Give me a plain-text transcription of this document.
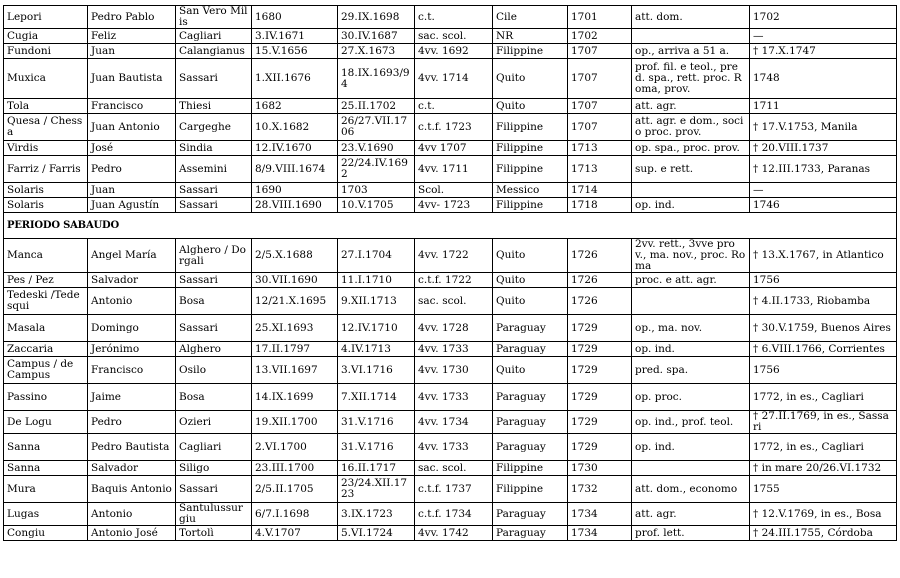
Lepori	Pedro Pablo	San Vero Milis	1680	29.IX.1698	c.t.	Cile	1701	att. dom.	1702
Cugia	Feliz	Cagliari	3.IV.1671	30.IV.1687	sac. scol.	NR	1702		—
Fundoni	Juan	Calangianus	15.V.1656	27.X.1673	4vv. 1692	Filippine	1707	op., arriva a 51 a.	† 17.X.1747
Muxica	Juan Bautista	Sassari	1.XII.1676	18.IX.1693/94	4vv. 1714	Quito	1707	prof. fil. e teol., pred. spa., rett. proc. Roma, prov.	1748
Tola	Francisco	Thiesi	1682	25.II.1702	c.t.	Quito	1707	att. agr.	1711
Quesa / Chessa	Juan Antonio	Cargeghe	10.X.1682	26/27.VII.1706	c.t.f. 1723	Filippine	1707	att. agr. e dom., socio proc. prov.	† 17.V.1753, Manila
Virdis	José	Sindia	12.IV.1670	23.V.1690	4vv 1707	Filippine	1713	op. spa., proc. prov.	† 20.VIII.1737
Farriz / Farris	Pedro	Assemini	8/9.VIII.1674	22/24.IV.1692	4vv. 1711	Filippine	1713	sup. e rett.	† 12.III.1733, Paranas
Solaris	Juan	Sassari	1690	1703	Scol.	Messico	1714		—
Solaris	Juan Agustín	Sassari	28.VIII.1690	10.V.1705	4vv- 1723	Filippine	1718	op. ind.	1746
PERIODO SABAUDO									
Manca	Angel María	Alghero / Dorgali	2/5.X.1688	27.I.1704	4vv. 1722	Quito	1726	2vv. rett., 3vve prov., ma. nov., proc. Roma	† 13.X.1767, in Atlantico
Pes / Pez	Salvador	Sassari	30.VII.1690	11.I.1710	c.t.f. 1722	Quito	1726	proc. e att. agr.	1756
Tedeski /Tedesqui	Antonio	Bosa	12/21.X.1695	9.XII.1713	sac. scol.	Quito	1726		† 4.II.1733, Riobamba
Masala	Domingo	Sassari	25.XI.1693	12.IV.1710	4vv. 1728	Paraguay	1729	op., ma. nov.	† 30.V.1759, Buenos Aires
Zaccaria	Jerónimo	Alghero	17.II.1797	4.IV.1713	4vv. 1733	Paraguay	1729	op. ind.	† 6.VIII.1766, Corrientes
Campus / de Campus	Francisco	Osilo	13.VII.1697	3.VI.1716	4vv. 1730	Quito	1729	pred. spa.	1756
Passino	Jaime	Bosa	14.IX.1699	7.XII.1714	4vv. 1733	Paraguay	1729	op. proc.	1772, in es., Cagliari
De Logu	Pedro	Ozieri	19.XII.1700	31.V.1716	4vv. 1734	Paraguay	1729	op. ind., prof. teol.	† 27.II.1769, in es., Sassari
Sanna	Pedro Bautista	Cagliari	2.VI.1700	31.V.1716	4vv. 1733	Paraguay	1729	op. ind.	1772, in es., Cagliari
Sanna	Salvador	Siligo	23.III.1700	16.II.1717	sac. scol.	Filippine	1730		† in mare 20/26.VI.1732
Mura	Baquis Antonio	Sassari	2/5.II.1705	23/24.XII.1723	c.t.f. 1737	Filippine	1732	att. dom., economo	1755
Lugas	Antonio	Santulussurgiu	6/7.I.1698	3.IX.1723	c.t.f. 1734	Paraguay	1734	att. agr.	† 12.V.1769, in es., Bosa
Congiu	Antonio José	Tortolì	4.V.1707	5.VI.1724	4vv. 1742	Paraguay	1734	prof. lett.	† 24.III.1755, Córdoba
